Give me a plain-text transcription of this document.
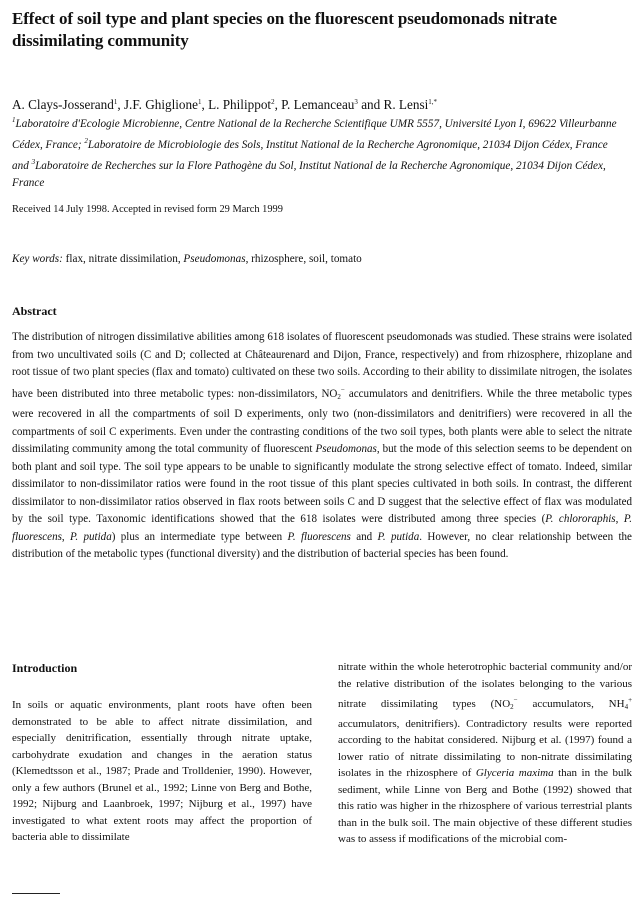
Effect of soil type and plant species on the fluorescent pseudomonads nitrate dissimilating community
A. Clays-Josserand$^1$, J.F. Ghiglione$^1$, L. Philippot$^2$, P. Lemanceau$^3$ and R. Lensi$^{1,*}$
$^1$Laboratoire d'Ecologie Microbienne, Centre National de la Recherche Scientifique UMR 5557, Université Lyon I, 69622 Villeurbanne Cédex, France; $^2$Laboratoire de Microbiologie des Sols, Institut National de la Recherche Agronomique, 21034 Dijon Cédex, France and $^3$Laboratoire de Recherches sur la Flore Pathogène du Sol, Institut National de la Recherche Agronomique, 21034 Dijon Cédex, France
Received 14 July 1998. Accepted in revised form 29 March 1999
Key words: flax, nitrate dissimilation, Pseudomonas, rhizosphere, soil, tomato
Abstract
The distribution of nitrogen dissimilative abilities among 618 isolates of fluorescent pseudomonads was studied. These strains were isolated from two uncultivated soils (C and D; collected at Châteaurenard and Dijon, France, respectively) and from rhizosphere, rhizoplane and root tissue of two plant species (flax and tomato) cultivated on these two soils. According to their ability to dissimilate nitrogen, the isolates have been distributed into three metabolic types: non-dissimilators, $NO_2^-$ accumulators and denitrifiers. While the three metabolic types were recovered in all the compartments of soil D experiments, only two (non-dissimilators and denitrifiers) were recovered in all the compartments of soil C experiments. Even under the contrasting conditions of the two soil types, both plants were able to select the nitrate dissimilating community among the total community of fluorescent Pseudomonas, but the mode of this selection seems to be dependent on both plant and soil type. The soil type appears to be unable to significantly modulate the strong selective effect of tomato. Indeed, similar dissimilator to non-dissimilator ratios were found in the root tissue of this plant species cultivated in both soils. In contrast, the different dissimilator to non-dissimilator ratios observed in flax roots between soils C and D suggest that the selective effect of flax was modulated by the soil type. Taxonomic identifications showed that the 618 isolates were distributed among three species (P. chlororaphis, P. fluorescens, P. putida) plus an intermediate type between P. fluorescens and P. putida. However, no clear relationship between the distribution of the metabolic types (functional diversity) and the distribution of bacterial species has been found.
Introduction
In soils or aquatic environments, plant roots have often been demonstrated to be able to affect nitrate dissimilation, and especially denitrification, essentially through nitrate uptake, carbohydrate exudation and changes in the aeration status (Klemedtsson et al., 1987; Prade and Trolldenier, 1990). However, only a few authors (Brunel et al., 1992; Linne von Berg and Bothe, 1992; Nijburg and Laanbroek, 1997; Nijburg et al., 1997) have investigated to what extent roots may affect the proportion of bacteria able to dissimilate
nitrate within the whole heterotrophic bacterial community and/or the relative distribution of the isolates belonging to the various nitrate dissimilating types ($NO_2^-$ accumulators, $NH_4^+$ accumulators, denitrifiers). Contradictory results were reported according to the habitat considered. Nijburg et al. (1997) found a lower ratio of nitrate dissimilating to non-nitrate dissimilating isolates in the rhizosphere of Glyceria maxima than in the bulk sediment, while Linne von Berg and Bothe (1992) showed that this ratio was higher in the rhizosphere of various terrestrial plants than in the bulk soil. The main objective of these different studies was to assess if modifications of the microbial com-
